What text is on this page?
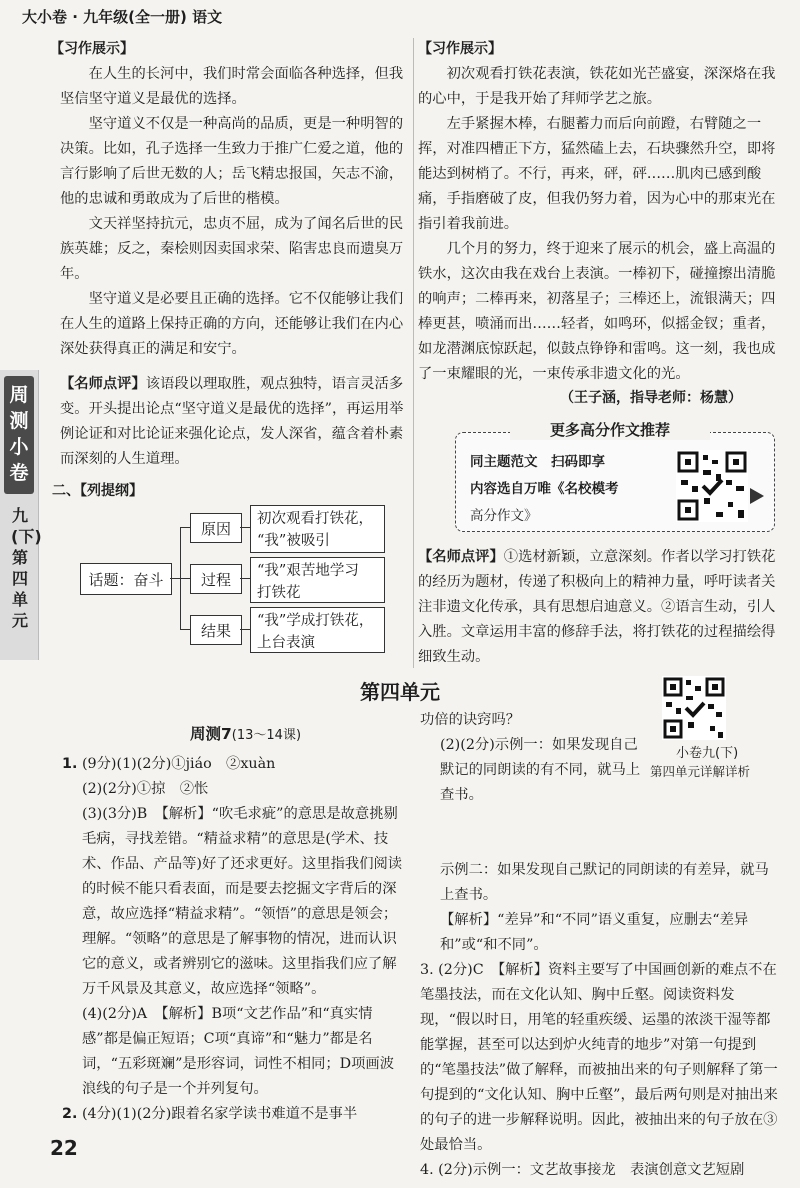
大小卷 · 九年级(全一册) 语文
周测小卷
九(下) 第四单元
【习作展示】

在人生的长河中，我们时常会面临各种选择，但我坚信坚守道义是最优的选择。

坚守道义不仅是一种高尚的品质，更是一种明智的决策。比如，孔子选择一生致力于推广仁爱之道，他的言行影响了后世无数的人；岳飞精忠报国，矢志不渝，他的忠诚和勇敢成为了后世的楷模。

文天祥坚持抗元，忠贞不屈，成为了闻名后世的民族英雄；反之，秦桧则因卖国求荣、陷害忠良而遗臭万年。

坚守道义是必要且正确的选择。它不仅能够让我们在人生的道路上保持正确的方向，还能够让我们在内心深处获得真正的满足和安宁。

【名师点评】该语段以理取胜，观点独特，语言灵活多变。开头提出论点“坚守道义是最优的选择”，再运用举例论证和对比论证来强化论点，发人深省，蕴含着朴素而深刻的人生道理。

二、【列提纲】
话题：奋斗
原因
过程
结果
初次观看打铁花，
“我”被吸引
“我”艰苦地学习
打铁花
“我”学成打铁花，
上台表演
【习作展示】

初次观看打铁花表演，铁花如光芒盛宴，深深烙在我的心中，于是我开始了拜师学艺之旅。

左手紧握木棒，右腿蓄力而后向前蹬，右臂随之一挥，对准四槽正下方，猛然磕上去，石块骤然升空，即将能达到树梢了。不行，再来，砰，砰……肌肉已感到酸痛，手指磨破了皮，但我仍努力着，因为心中的那束光在指引着我前进。

几个月的努力，终于迎来了展示的机会，盛上高温的铁水，这次由我在戏台上表演。一棒初下，碰撞擦出清脆的响声；二棒再来，初落星子；三棒还上，流银满天；四棒更甚，喷涌而出……轻者，如鸣环，似摇金钗；重者，如龙潜渊底惊跃起，似鼓点铮铮和雷鸣。这一刻，我也成了一束耀眼的光，一束传承非遗文化的光。

（王子涵，指导老师：杨慧）
更多高分作文推荐
同主题范文　扫码即享
内容选自万唯《名校模考
高分作文》

【名师点评】①选材新颖，立意深刻。作者以学习打铁花的经历为题材，传递了积极向上的精神力量，呼吁读者关注非遗文化传承，具有思想启迪意义。②语言生动，引人入胜。文章运用丰富的修辞手法，将打铁花的过程描绘得细致生动。

第四单元
周测7(13～14课)
小卷九(下)
第四单元详解详析

1. (9分)(1)(2分)①jiáo　②xuàn

(2)(2分)①掠　②怅

(3)(3分)B　【解析】“吹毛求疵”的意思是故意挑剔毛病，寻找差错。“精益求精”的意思是(学术、技术、作品、产品等)好了还求更好。这里指我们阅读的时候不能只看表面，而是要去挖掘文字背后的深意，故应选择“精益求精”。“领悟”的意思是领会；理解。“领略”的意思是了解事物的情况，进而认识它的意义，或者辨别它的滋味。这里指我们应了解万千风景及其意义，故应选择“领略”。

(4)(2分)A　【解析】B项“文艺作品”和“真实情感”都是偏正短语；C项“真谛”和“魅力”都是名词，“五彩斑斓”是形容词，词性不相同；D项画波浪线的句子是一个并列复句。

2. (4分)(1)(2分)跟着名家学读书难道不是事半

功倍的诀窍吗？

(2)(2分)示例一：如果发现自己默记的同朗读的有不同，就马上查书。

示例二：如果发现自己默记的同朗读的有差异，就马上查书。

【解析】“差异”和“不同”语义重复，应删去“差异和”或“和不同”。

3. (2分)C　【解析】资料主要写了中国画创新的难点不在笔墨技法，而在文化认知、胸中丘壑。阅读资料发现，“假以时日，用笔的轻重疾缓、运墨的浓淡干湿等都能掌握，甚至可以达到炉火纯青的地步”对第一句提到的“笔墨技法”做了解释，而被抽出来的句子则解释了第一句提到的“文化认知、胸中丘壑”，最后两句则是对抽出来的句子的进一步解释说明。因此，被抽出来的句子放在③处最恰当。

4. (2分)示例一：文艺故事接龙　表演创意文艺短剧

22
